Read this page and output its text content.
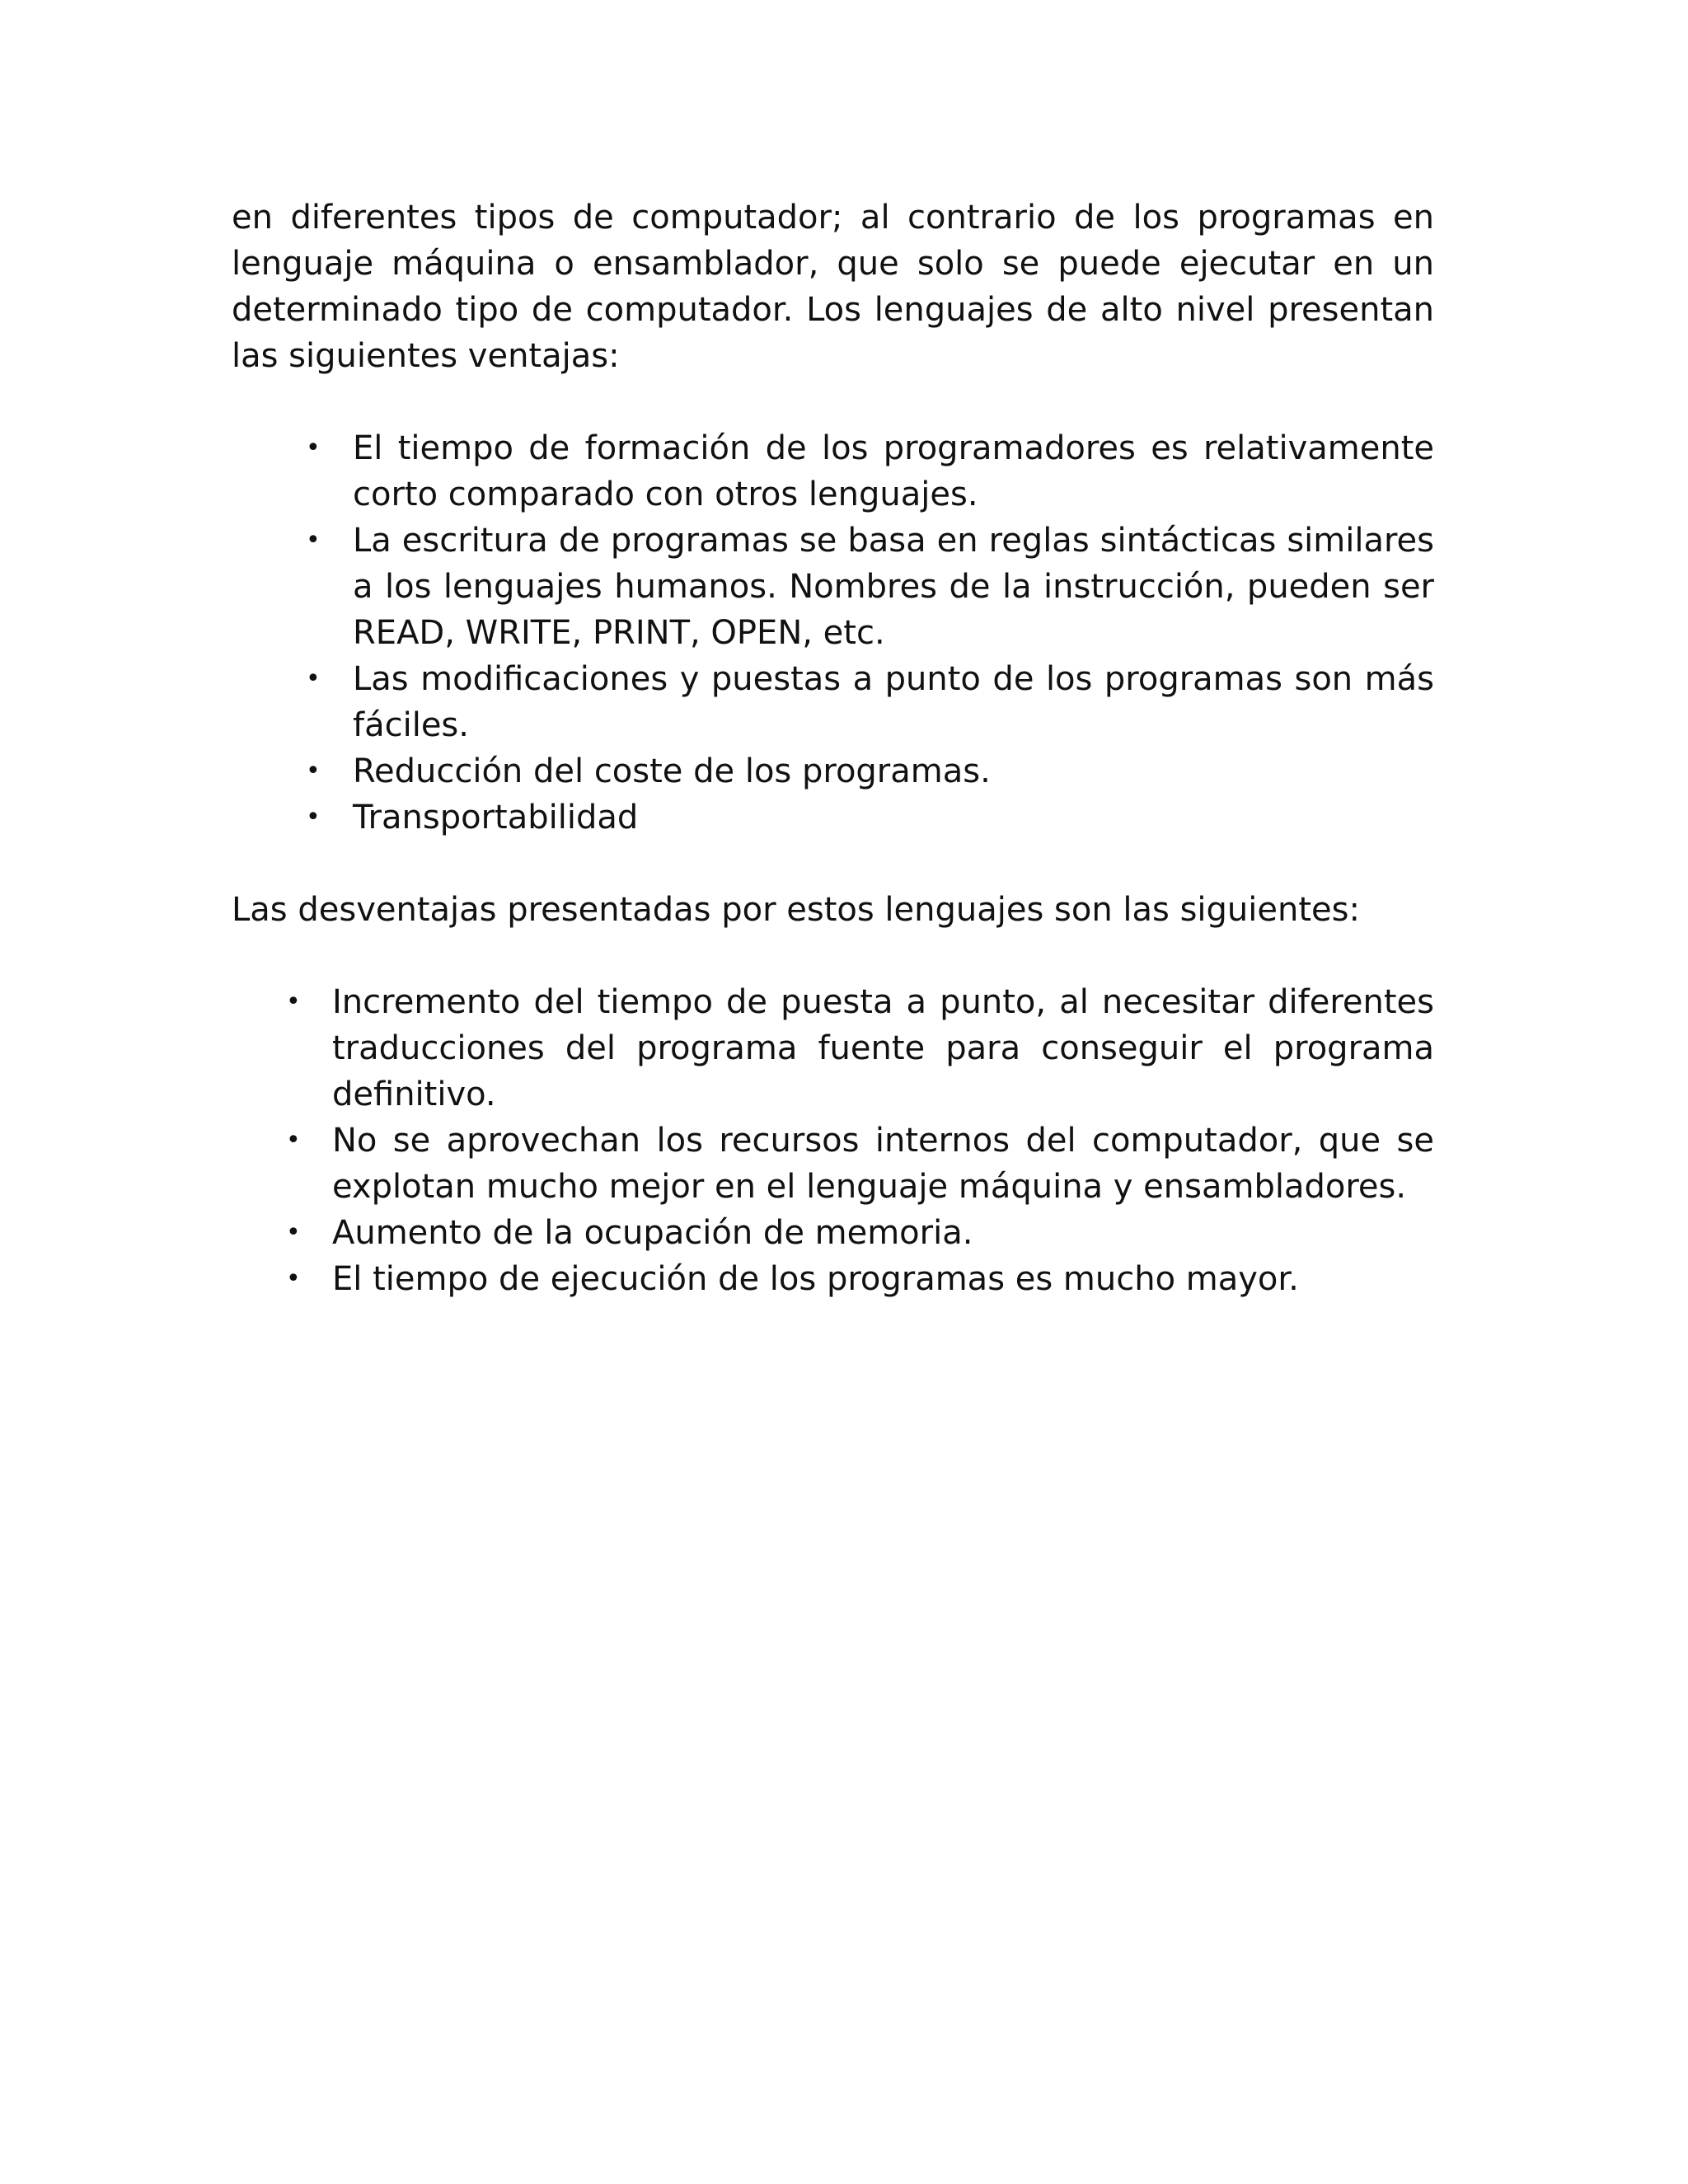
en diferentes tipos de computador; al contrario de los programas en lenguaje máquina o ensamblador, que solo se puede ejecutar en un determinado tipo de computador. Los lenguajes de alto nivel presentan las siguientes ventajas:

• El tiempo de formación de los programadores es relativamente corto comparado con otros lenguajes.
• La escritura de programas se basa en reglas sintácticas similares a los lenguajes humanos. Nombres de la instrucción, pueden ser READ, WRITE, PRINT, OPEN, etc.
• Las modificaciones y puestas a punto de los programas son más fáciles.
• Reducción del coste de los programas.
• Transportabilidad

Las desventajas presentadas por estos lenguajes son las siguientes:

• Incremento del tiempo de puesta a punto, al necesitar diferentes traducciones del programa fuente para conseguir el programa definitivo.
• No se aprovechan los recursos internos del computador, que se explotan mucho mejor en el lenguaje máquina y ensambladores.
• Aumento de la ocupación de memoria.
• El tiempo de ejecución de los programas es mucho mayor.
